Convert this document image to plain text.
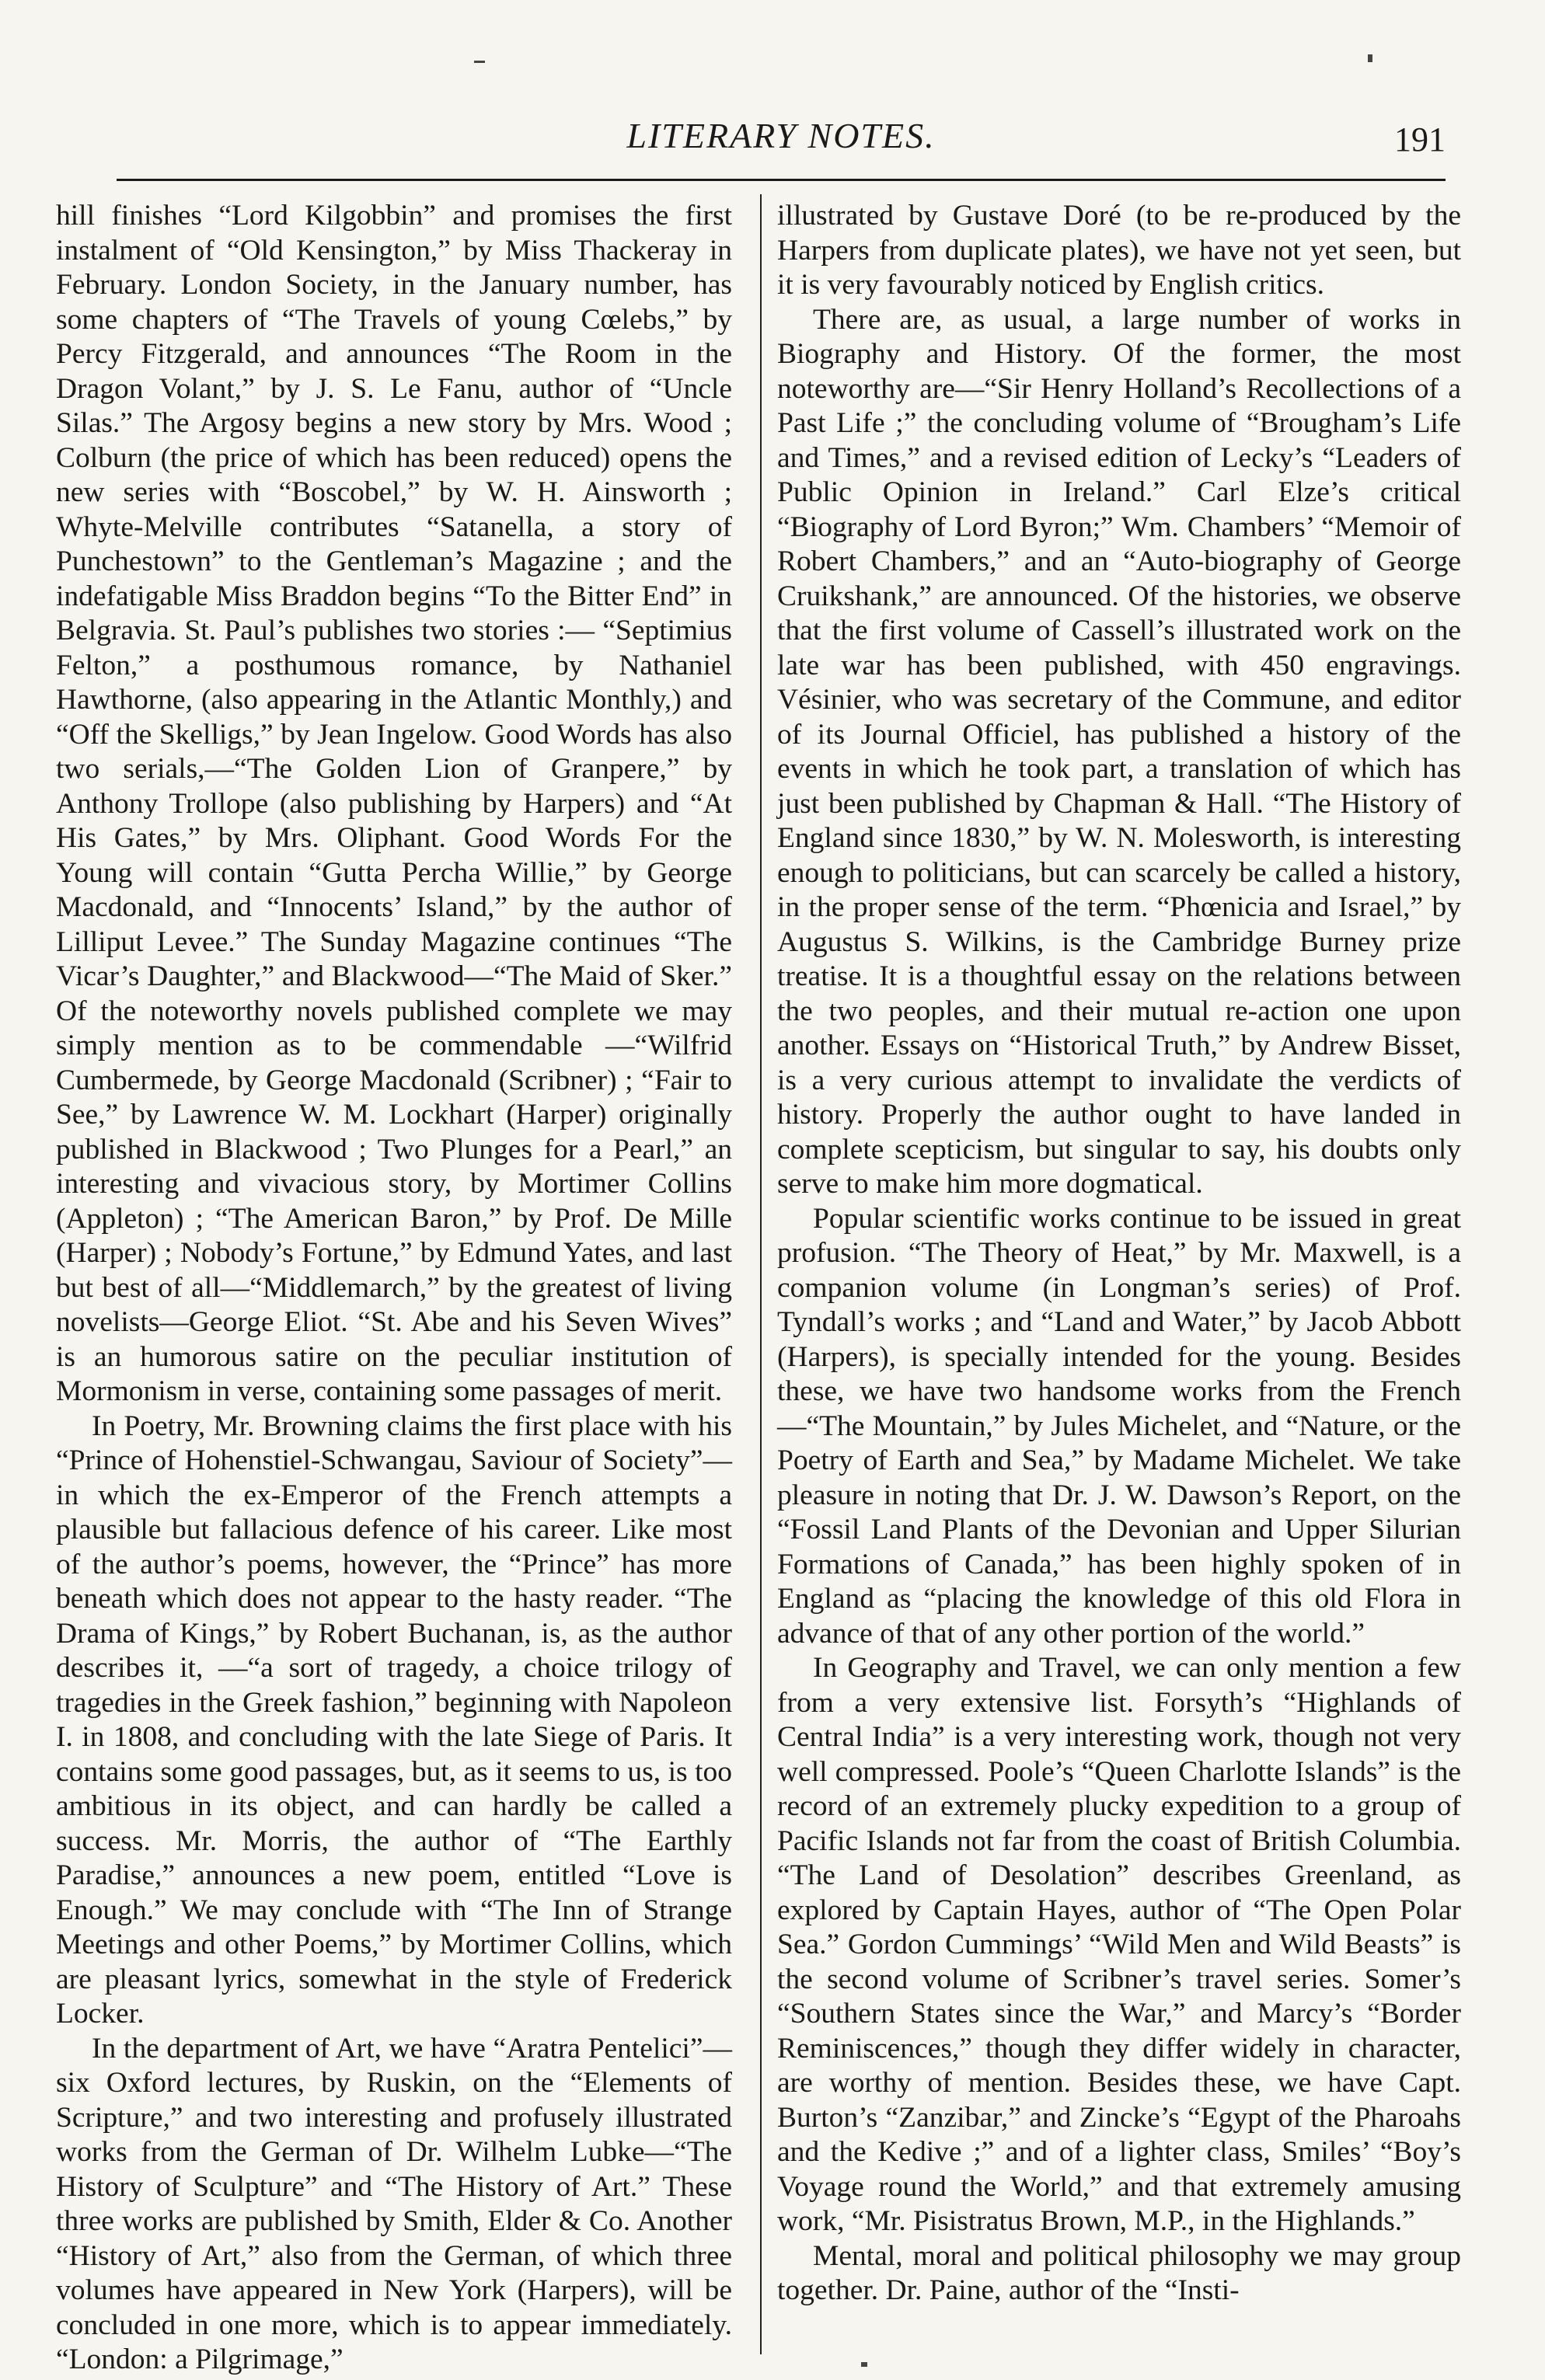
LITERARY NOTES.	191

hill finishes “Lord Kilgobbin” and promises the first instalment of “Old Kensington,” by Miss Thackeray in February. London Society, in the January number, has some chapters of “The Travels of young Cœlebs,” by Percy Fitzgerald, and announces “The Room in the Dragon Volant,” by J. S. Le Fanu, author of “Uncle Silas.” The Argosy begins a new story by Mrs. Wood ; Colburn (the price of which has been reduced) opens the new series with “Boscobel,” by W. H. Ainsworth ; Whyte-Melville contributes “Satanella, a story of Punchestown” to the Gentleman’s Magazine ; and the indefatigable Miss Braddon begins “To the Bitter End” in Belgravia. St. Paul’s publishes two stories :— “Septimius Felton,” a posthumous romance, by Nathaniel Hawthorne, (also appearing in the Atlantic Monthly,) and “Off the Skelligs,” by Jean Ingelow. Good Words has also two serials,—“The Golden Lion of Granpere,” by Anthony Trollope (also publishing by Harpers) and “At His Gates,” by Mrs. Oliphant. Good Words For the Young will contain “Gutta Percha Willie,” by George Macdonald, and “Innocents’ Island,” by the author of Lilliput Levee.” The Sunday Magazine continues “The Vicar’s Daughter,” and Blackwood—“The Maid of Sker.” Of the noteworthy novels published complete we may simply mention as to be commendable —“Wilfrid Cumbermede, by George Macdonald (Scribner) ; “Fair to See,” by Lawrence W. M. Lockhart (Harper) originally published in Blackwood ; Two Plunges for a Pearl,” an interesting and vivacious story, by Mortimer Collins (Appleton) ; “The American Baron,” by Prof. De Mille (Harper) ; Nobody’s Fortune,” by Edmund Yates, and last but best of all—“Middlemarch,” by the greatest of living novelists—George Eliot. “St. Abe and his Seven Wives” is an humorous satire on the peculiar institution of Mormonism in verse, containing some passages of merit.

In Poetry, Mr. Browning claims the first place with his “Prince of Hohenstiel-Schwangau, Saviour of Society”—in which the ex-Emperor of the French attempts a plausible but fallacious defence of his career. Like most of the author’s poems, however, the “Prince” has more beneath which does not appear to the hasty reader. “The Drama of Kings,” by Robert Buchanan, is, as the author describes it, —“a sort of tragedy, a choice trilogy of tragedies in the Greek fashion,” beginning with Napoleon I. in 1808, and concluding with the late Siege of Paris. It contains some good passages, but, as it seems to us, is too ambitious in its object, and can hardly be called a success. Mr. Morris, the author of “The Earthly Paradise,” announces a new poem, entitled “Love is Enough.” We may conclude with “The Inn of Strange Meetings and other Poems,” by Mortimer Collins, which are pleasant lyrics, somewhat in the style of Frederick Locker.

In the department of Art, we have “Aratra Pentelici”—six Oxford lectures, by Ruskin, on the “Elements of Scripture,” and two interesting and profusely illustrated works from the German of Dr. Wilhelm Lubke—“The History of Sculpture” and “The History of Art.” These three works are published by Smith, Elder & Co. Another “History of Art,” also from the German, of which three volumes have appeared in New York (Harpers), will be concluded in one more, which is to appear immediately. “London: a Pilgrimage,”

illustrated by Gustave Doré (to be re-produced by the Harpers from duplicate plates), we have not yet seen, but it is very favourably noticed by English critics.

There are, as usual, a large number of works in Biography and History. Of the former, the most noteworthy are—“Sir Henry Holland’s Recollections of a Past Life ;” the concluding volume of “Brougham’s Life and Times,” and a revised edition of Lecky’s “Leaders of Public Opinion in Ireland.” Carl Elze’s critical “Biography of Lord Byron;” Wm. Chambers’ “Memoir of Robert Chambers,” and an “Auto-biography of George Cruikshank,” are announced. Of the histories, we observe that the first volume of Cassell’s illustrated work on the late war has been published, with 450 engravings. Vésinier, who was secretary of the Commune, and editor of its Journal Officiel, has published a history of the events in which he took part, a translation of which has just been published by Chapman & Hall. “The History of England since 1830,” by W. N. Molesworth, is interesting enough to politicians, but can scarcely be called a history, in the proper sense of the term. “Phœnicia and Israel,” by Augustus S. Wilkins, is the Cambridge Burney prize treatise. It is a thoughtful essay on the relations between the two peoples, and their mutual re-action one upon another. Essays on “Historical Truth,” by Andrew Bisset, is a very curious attempt to invalidate the verdicts of history. Properly the author ought to have landed in complete scepticism, but singular to say, his doubts only serve to make him more dogmatical.

Popular scientific works continue to be issued in great profusion. “The Theory of Heat,” by Mr. Maxwell, is a companion volume (in Longman’s series) of Prof. Tyndall’s works ; and “Land and Water,” by Jacob Abbott (Harpers), is specially intended for the young. Besides these, we have two handsome works from the French—“The Mountain,” by Jules Michelet, and “Nature, or the Poetry of Earth and Sea,” by Madame Michelet. We take pleasure in noting that Dr. J. W. Dawson’s Report, on the “Fossil Land Plants of the Devonian and Upper Silurian Formations of Canada,” has been highly spoken of in England as “placing the knowledge of this old Flora in advance of that of any other portion of the world.”

In Geography and Travel, we can only mention a few from a very extensive list. Forsyth’s “Highlands of Central India” is a very interesting work, though not very well compressed. Poole’s “Queen Charlotte Islands” is the record of an extremely plucky expedition to a group of Pacific Islands not far from the coast of British Columbia. “The Land of Desolation” describes Greenland, as explored by Captain Hayes, author of “The Open Polar Sea.” Gordon Cummings’ “Wild Men and Wild Beasts” is the second volume of Scribner’s travel series. Somer’s “Southern States since the War,” and Marcy’s “Border Reminiscences,” though they differ widely in character, are worthy of mention. Besides these, we have Capt. Burton’s “Zanzibar,” and Zincke’s “Egypt of the Pharoahs and the Kedive ;” and of a lighter class, Smiles’ “Boy’s Voyage round the World,” and that extremely amusing work, “Mr. Pisistratus Brown, M.P., in the Highlands.”

Mental, moral and political philosophy we may group together. Dr. Paine, author of the “Insti-
